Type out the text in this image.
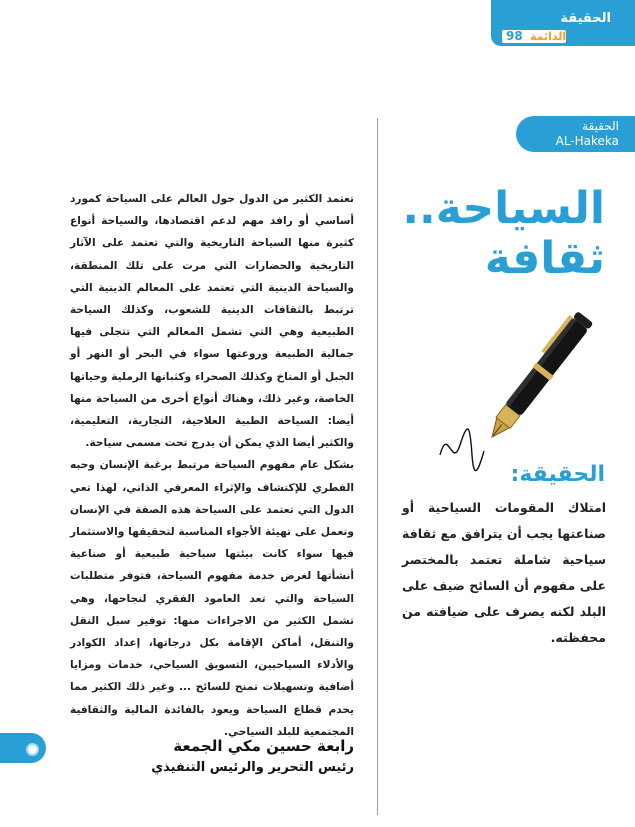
الحقيقة
98 الدائمة
الحقيقة
AL-Hakeka
السياحة..
ثقافة
الحقيقة:
امتلاك المقومات السياحية أو صناعتها يجب أن يترافق مع ثقافة سياحية شاملة تعتمد بالمختصر على مفهوم أن السائح ضيف على البلد لكنه يصرف على ضيافته من محفظته.

تعتمد الكثير من الدول حول العالم على السياحة كمورد أساسي أو رافد مهم لدعم اقتصادها، والسياحة أنواع كثيرة منها السياحة التاريخية والتي تعتمد على الآثار التاريخية والحضارات التي مرت على تلك المنطقة، والسياحة الدينية التي تعتمد على المعالم الدينية التي ترتبط بالثقافات الدينية للشعوب، وكذلك السياحة الطبيعية وهي التي تشمل المعالم التي تتجلى فيها جمالية الطبيعة وروعتها سواء في البحر أو النهر أو الجبل أو المناخ وكذلك الصحراء وكثبانها الرملية وحياتها الخاصة، وغير ذلك، وهناك أنواع أخرى من السياحة منها أيضا: السياحة الطبية العلاجية، التجارية، التعليمية، والكثير أيضا الذي يمكن أن يدرج تحت مسمى سياحة.

بشكل عام مفهوم السياحة مرتبط برغبة الإنسان وحبه الفطري للإكتشاف والإثراء المعرفي الذاتي، لهذا تعي الدول التي تعتمد على السياحة هذه الصفة في الإنسان وتعمل على تهيئة الأجواء المناسبة لتحقيقها والاستثمار فيها سواء كانت بيئتها سياحية طبيعية أو صناعية أنشأتها لغرض خدمة مفهوم السياحة، فتوفر متطلبات السياحة والتي تعد العامود الفقري لنجاحها، وهي تشمل الكثير من الاجراءات منها: توفير سبل النقل والتنقل، أماكن الإقامة بكل درجاتها، إعداد الكوادر والأدلاء السياحيين، التسويق السياحي، خدمات ومزايا أضافية وتسهيلات تمنح للسائح ... وغير ذلك الكثير مما يخدم قطاع السياحة ويعود بالفائدة المالية والثقافية المجتمعية للبلد السياحي.

رابعة حسين مكي الجمعة
رئيس التحرير والرئيس التنفيذي
